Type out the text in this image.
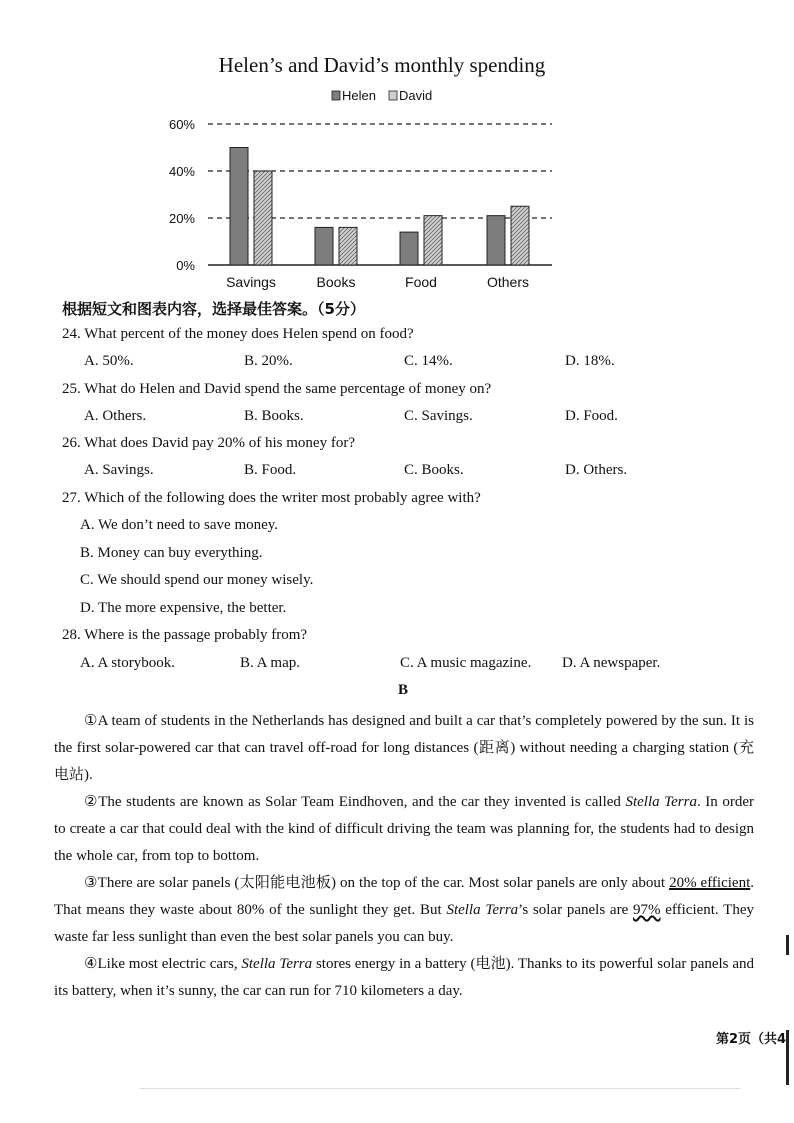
Helen’s and David’s monthly spending
Helen David
0%
20%
40%
60%
Savings	Books	Food	Others
根据短文和图表内容，选择最佳答案。（5分）
24. What percent of the money does Helen spend on food?
A. 50%.	B. 20%.	C. 14%.	D. 18%.
25. What do Helen and David spend the same percentage of money on?
A. Others.	B. Books.	C. Savings.	D. Food.
26. What does David pay 20% of his money for?
A. Savings.	B. Food.	C. Books.	D. Others.
27. Which of the following does the writer most probably agree with?
A. We don’t need to save money.
B. Money can buy everything.
C. We should spend our money wisely.
D. The more expensive, the better.
28. Where is the passage probably from?
A. A storybook.	B. A map.	C. A music magazine. D. A newspaper.
B

①A team of students in the Netherlands has designed and built a car that’s completely powered by the sun. It is the first solar-powered car that can travel off-road for long distances (距离) without needing a charging station (充电站).

②The students are known as Solar Team Eindhoven, and the car they invented is called Stella Terra. In order to create a car that could deal with the kind of difficult driving the team was planning for, the students had to design the whole car, from top to bottom.

③There are solar panels (太阳能电池板) on the top of the car. Most solar panels are only about 20% efficient. That means they waste about 80% of the sunlight they get. But Stella Terra’s solar panels are 97% efficient. They waste far less sunlight than even the best solar panels you can buy.

④Like most electric cars, Stella Terra stores energy in a battery (电池). Thanks to its powerful solar panels and its battery, when it’s sunny, the car can run for 710 kilometers a day.

第2页（共4
